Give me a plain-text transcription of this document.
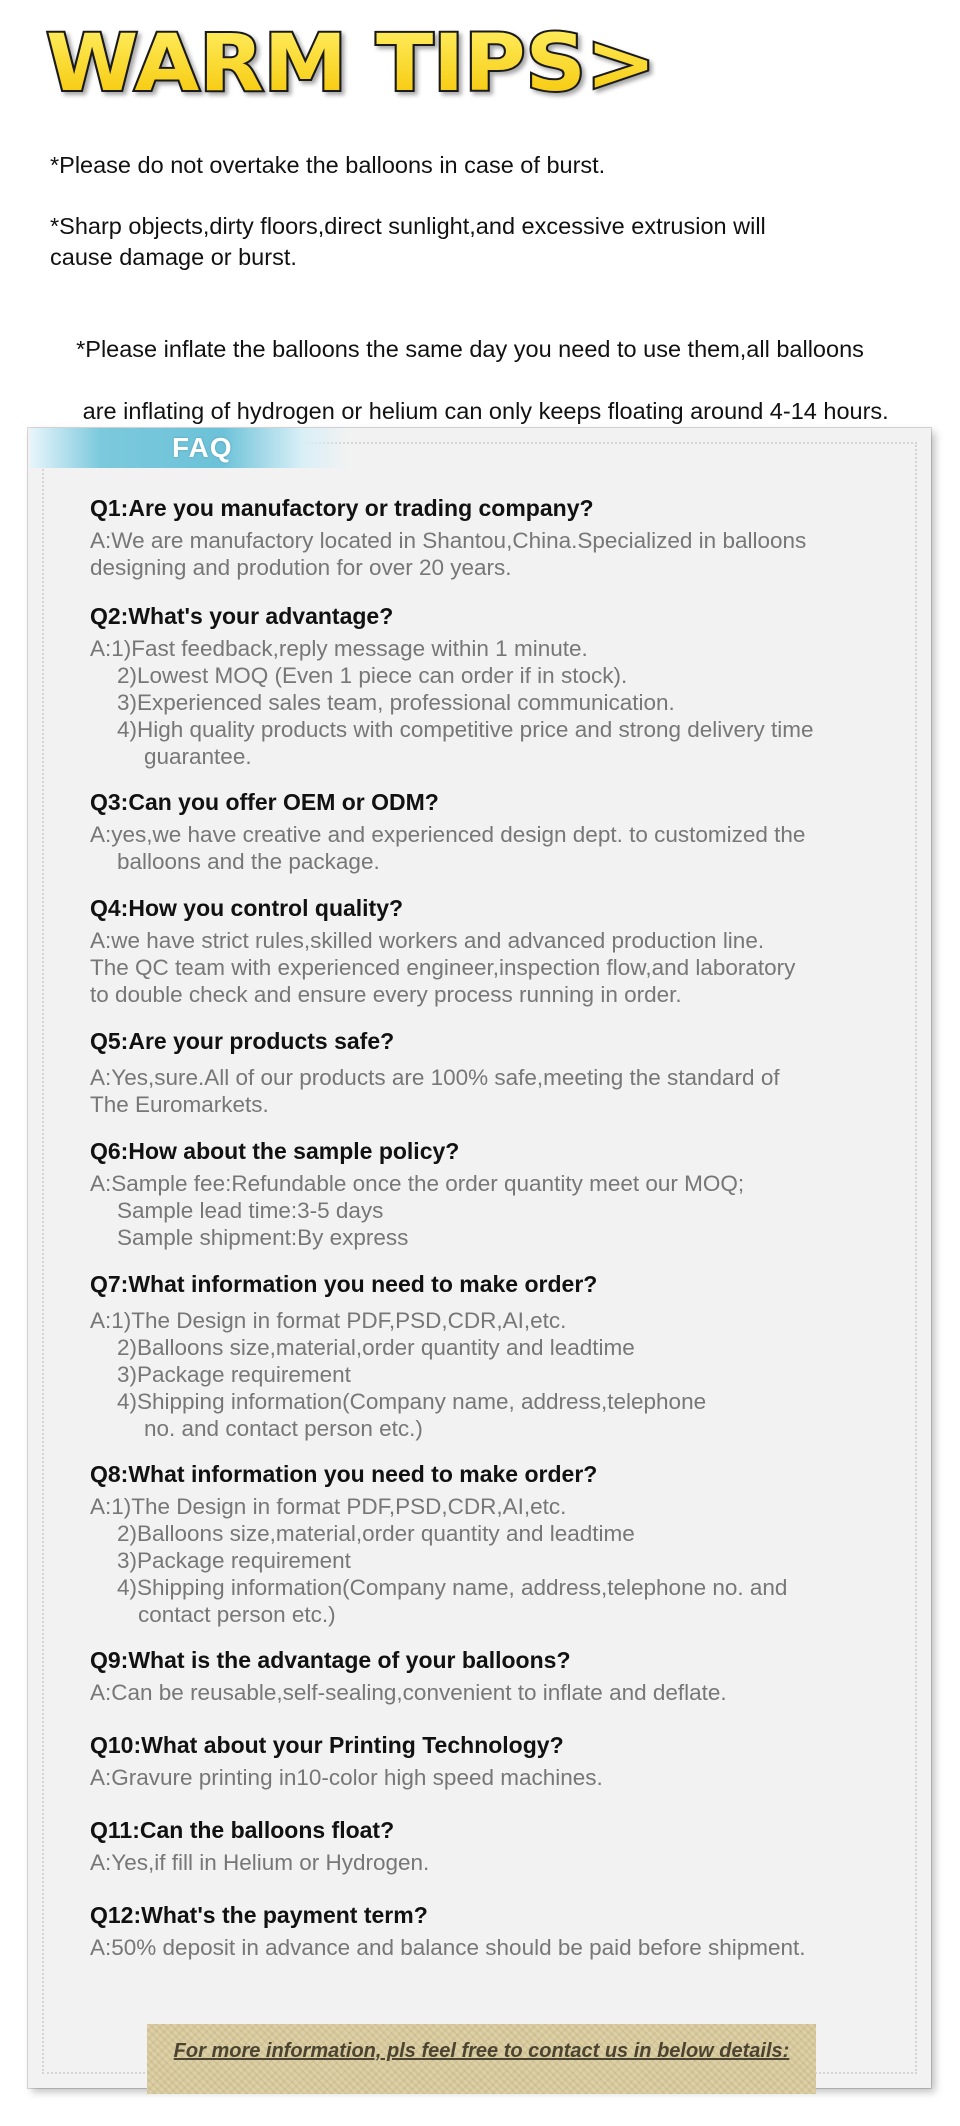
WARM TIPS>

*Please do not overtake the balloons in case of burst.

*Sharp objects,dirty floors,direct sunlight,and excessive extrusion will
cause damage or burst.

*Please inflate the balloons the same day you need to use them,all balloons

are inflating of hydrogen or helium can only keeps floating around 4-14 hours.

FAQ

Q1:Are you manufactory or trading company?

A:We are manufactory located in Shantou,China.Specialized in balloons
designing and prodution for over 20 years.

Q2:What's your advantage?

A:1)Fast feedback,reply message within 1 minute.
2)Lowest MOQ (Even 1 piece can order if in stock).
3)Experienced sales team, professional communication.
4)High quality products with competitive price and strong delivery time
guarantee.

Q3:Can you offer OEM or ODM?

A:yes,we have creative and experienced design dept. to customized the
balloons and the package.

Q4:How you control quality?

A:we have strict rules,skilled workers and advanced production line.
The QC team with experienced engineer,inspection flow,and laboratory
to double check and ensure every process running in order.

Q5:Are your products safe?

A:Yes,sure.All of our products are 100% safe,meeting the standard of
The Euromarkets.

Q6:How about the sample policy?

A:Sample fee:Refundable once the order quantity meet our MOQ;
Sample lead time:3-5 days
Sample shipment:By express

Q7:What information you need to make order?

A:1)The Design in format PDF,PSD,CDR,AI,etc.
2)Balloons size,material,order quantity and leadtime
3)Package requirement
4)Shipping information(Company name, address,telephone
no. and contact person etc.)

Q8:What information you need to make order?

A:1)The Design in format PDF,PSD,CDR,AI,etc.
2)Balloons size,material,order quantity and leadtime
3)Package requirement
4)Shipping information(Company name, address,telephone no. and
contact person etc.)

Q9:What is the advantage of your balloons?

A:Can be reusable,self-sealing,convenient to inflate and deflate.

Q10:What about your Printing Technology?

A:Gravure printing in10-color high speed machines.

Q11:Can the balloons float?

A:Yes,if fill in Helium or Hydrogen.

Q12:What's the payment term?

A:50% deposit in advance and balance should be paid before shipment.

For more information, pls feel free to contact us in below details:
